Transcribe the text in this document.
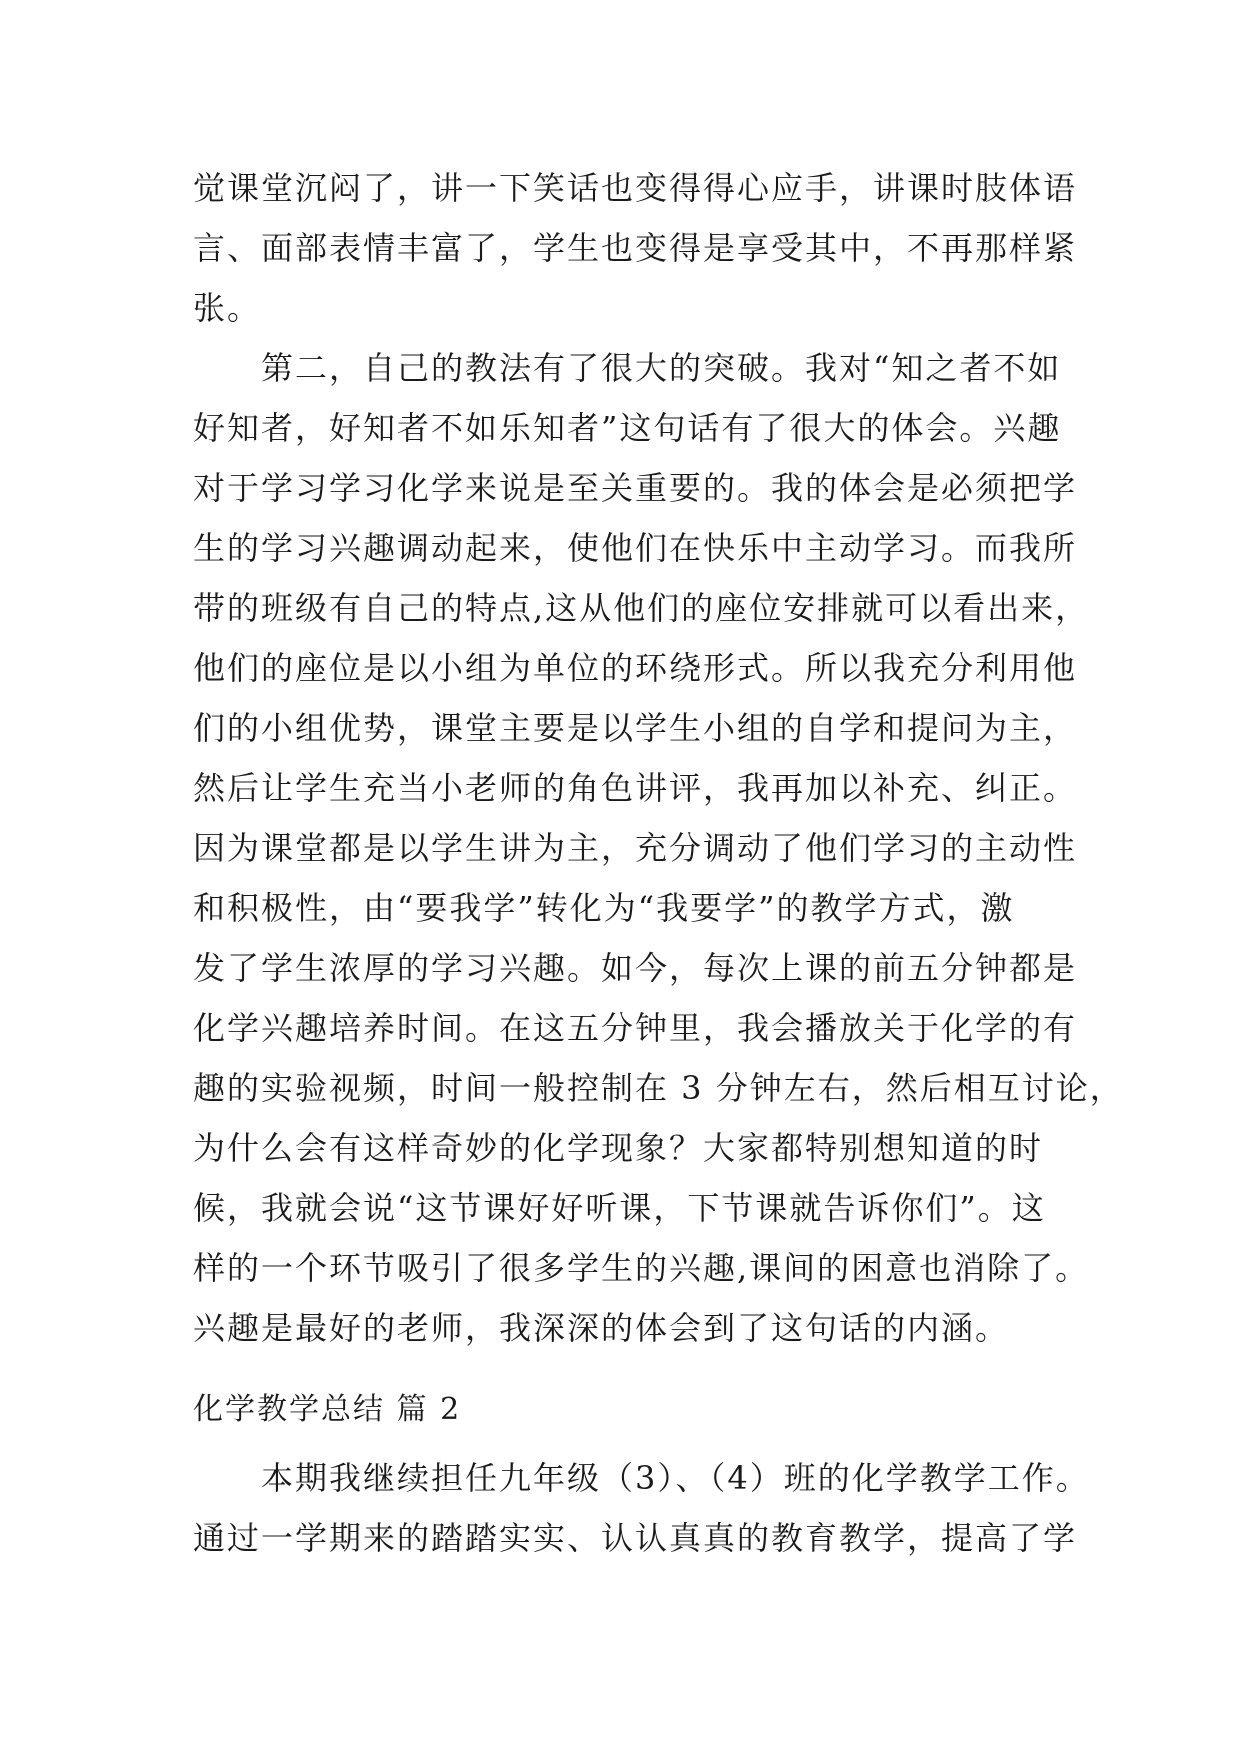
觉课堂沉闷了，讲一下笑话也变得得心应手，讲课时肢体语
言、面部表情丰富了，学生也变得是享受其中，不再那样紧
张。
　　第二，自己的教法有了很大的突破。我对“知之者不如
好知者，好知者不如乐知者”这句话有了很大的体会。兴趣
对于学习学习化学来说是至关重要的。我的体会是必须把学
生的学习兴趣调动起来，使他们在快乐中主动学习。而我所
带的班级有自己的特点,这从他们的座位安排就可以看出来，
他们的座位是以小组为单位的环绕形式。所以我充分利用他
们的小组优势，课堂主要是以学生小组的自学和提问为主，
然后让学生充当小老师的角色讲评，我再加以补充、纠正。
因为课堂都是以学生讲为主，充分调动了他们学习的主动性
和积极性，由“要我学”转化为“我要学”的教学方式，激
发了学生浓厚的学习兴趣。如今，每次上课的前五分钟都是
化学兴趣培养时间。在这五分钟里，我会播放关于化学的有
趣的实验视频，时间一般控制在 3 分钟左右，然后相互讨论，
为什么会有这样奇妙的化学现象？大家都特别想知道的时
候，我就会说“这节课好好听课，下节课就告诉你们”。这
样的一个环节吸引了很多学生的兴趣,课间的困意也消除了。
兴趣是最好的老师，我深深的体会到了这句话的内涵。
化学教学总结 篇 2
　　本期我继续担任九年级（3）、（4）班的化学教学工作。
通过一学期来的踏踏实实、认认真真的教育教学，提高了学
